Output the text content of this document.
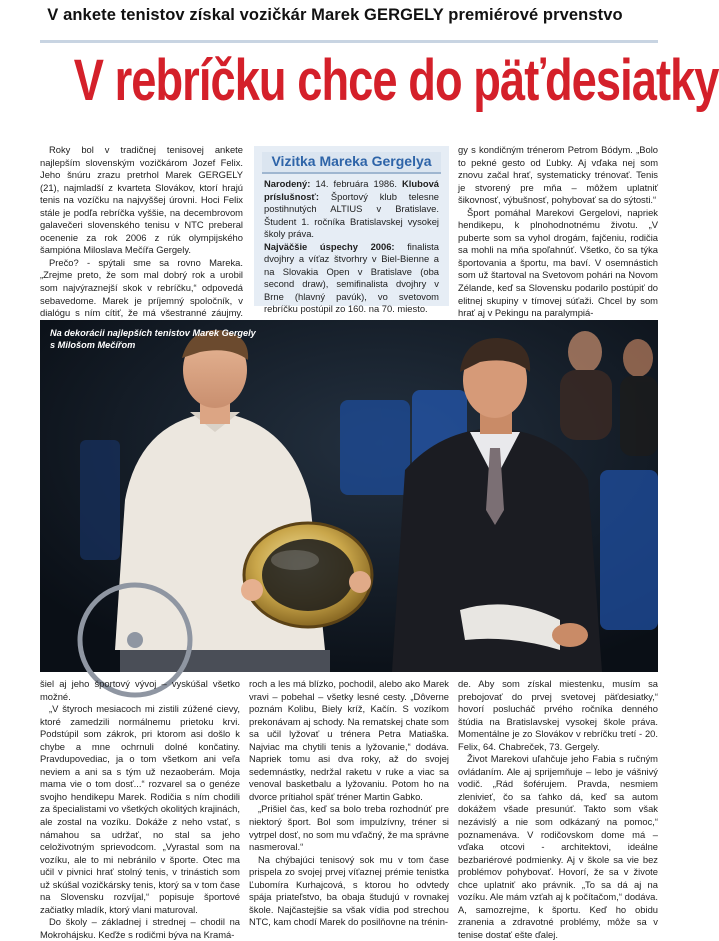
V ankete tenistov získal vozičkár Marek GERGELY premiérové prvenstvo
V rebríčku chce do päťdesiatky

Roky bol v tradičnej tenisovej ankete najlepším slovenským vozičkárom Jozef Felix. Jeho šnúru zrazu pretrhol Marek GERGELY (21), najmladší z kvarteta Slovákov, ktorí hrajú tenis na vozíčku na najvyššej úrovni. Hoci Felix stále je podľa rebríčka vyššie, na decembrovom galavečeri slovenského tenisu v NTC preberal ocenenie za rok 2006 z rúk olympijského šampióna Miloslava Mečířa Gergely.

Prečo? - spýtali sme sa rovno Mareka. „Zrejme preto, že som mal dobrý rok a urobil som najvýraznejší skok v rebríčku,“ odpovedá sebavedome. Marek je príjemný spoločník, v dialógu s ním cítiť, že má všestranné záujmy.

Vizitka Mareka Gergelya

Narodený: 14. februára 1986. Klubová príslušnosť: Športový klub telesne postihnutých ALTIUS v Bratislave. Študent 1. ročníka Bratislavskej vysokej školy práva.

Najväčšie úspechy 2006: finalista dvojhry a víťaz štvorhry v Biel-Bienne a na Slovakia Open v Bratislave (oba second draw), semifinalista dvojhry v Brne (hlavný pavúk), vo svetovom rebríčku postúpil zo 160. na 70. miesto.

gy s kondičným trénerom Petrom Bódym. „Bolo to pekné gesto od Ľubky. Aj vďaka nej som znovu začal hrať, systematicky trénovať. Tenis je stvorený pre mňa – môžem uplatniť šikovnosť, výbušnosť, pohybovať sa do sýtosti.“

Šport pomáhal Marekovi Gergelovi, napriek hendikepu, k plnohodnotnému životu. „V puberte som sa vyhol drogám, fajčeniu, rodičia sa mohli na mňa spoľahnúť. Všetko, čo sa týka športovania a športu, ma baví. V osemnástich som už štartoval na Svetovom pohári na Novom Zélande, keď sa Slovensku podarilo postúpiť do elitnej skupiny v tímovej súťaži. Chcel by som hrať aj v Pekingu na paralympiá-

Na dekorácii najlepších tenistov Marek Gergely s Milošom Mečířom

šiel aj jeho športový vývoj – vyskúšal všetko možné.

„V štyroch mesiacoch mi zistili zúžené cievy, ktoré zamedzili normálnemu prietoku krvi. Podstúpil som zákrok, pri ktorom asi došlo k chybe a mne ochrnuli dolné končatiny. Pravdupovediac, ja o tom všetkom ani veľa neviem a ani sa s tým už nezaoberám. Moja mama vie o tom dosť...“ rozvarel sa o genéze svojho hendikepu Marek. Rodičia s ním chodili za špecialistami vo všetkých okolitých krajinách, ale zostal na vozíku. Dokáže z neho vstať, s námahou sa udržať, no stal sa jeho celoživotným sprievodcom. „Vyrastal som na vozíku, ale to mi nebránilo v športe. Otec ma učil v pivnici hrať stolný tenis, v trinástich som už skúšal vozičkársky tenis, ktorý sa v tom čase na Slovensku rozvíjal,“ popisuje športové začiatky mladík, ktorý vlani maturoval.

Do školy – základnej i strednej – chodil na Mokrohájsku. Keďže s rodičmi býva na Kramá-

roch a les má blízko, pochodil, alebo ako Marek vravi – pobehal – všetky lesné cesty. „Dôverne poznám Kolibu, Biely kríž, Kačín. S vozíkom prekonávam aj schody. Na rematskej chate som sa učil lyžovať u trénera Petra Matiaška. Najviac ma chytili tenis a lyžovanie,“ dodáva. Napriek tomu asi dva roky, až do svojej sedemnástky, nedržal raketu v ruke a viac sa venoval basketbalu a lyžovaniu. Potom ho na dvorce prítiahol späť tréner Martin Gabko.

„Prišiel čas, keď sa bolo treba rozhodnúť pre niektorý šport. Bol som impulzívny, tréner si vytrpel dosť, no som mu vďačný, že ma správne nasmeroval.“

Na chýbajúci tenisový sok mu v tom čase prispela zo svojej prvej víťaznej prémie tenistka Ľubomíra Kurhajcová, s ktorou ho odvtedy spája priateľstvo, ba obaja študujú v rovnakej škole. Najčastejšie sa však vídia pod strechou NTC, kam chodí Marek do posilňovne na trénin-

de. Aby som získal miestenku, musím sa prebojovať do prvej svetovej päťdesiatky,“ hovorí poslucháč prvého ročníka denného štúdia na Bratislavskej vysokej škole práva. Momentálne je zo Slovákov v rebríčku tretí - 20. Felix, 64. Chabreček, 73. Gergely.

Život Marekovi uľahčuje jeho Fabia s ručným ovládaním. Ale aj sprijemňuje – lebo je vášnivý vodič. „Rád šoférujem. Pravda, nesmiem zlenivieť, čo sa ťahko dá, keď sa autom dokážem všade presunúť. Takto som však nezávislý a nie som odkázaný na pomoc,“ poznamenáva. V rodičovskom dome má – vďaka otcovi - architektovi, ideálne bezbariérové podmienky. Aj v škole sa vie bez problémov pohybovať. Hovorí, že sa v živote chce uplatniť ako právnik. „To sa dá aj na vozíku. Ale mám vzťah aj k počítačom,“ dodáva. A, samozrejme, k športu. Keď ho obidu zranenia a zdravotné problémy, môže sa v tenise dostať ešte ďalej.
